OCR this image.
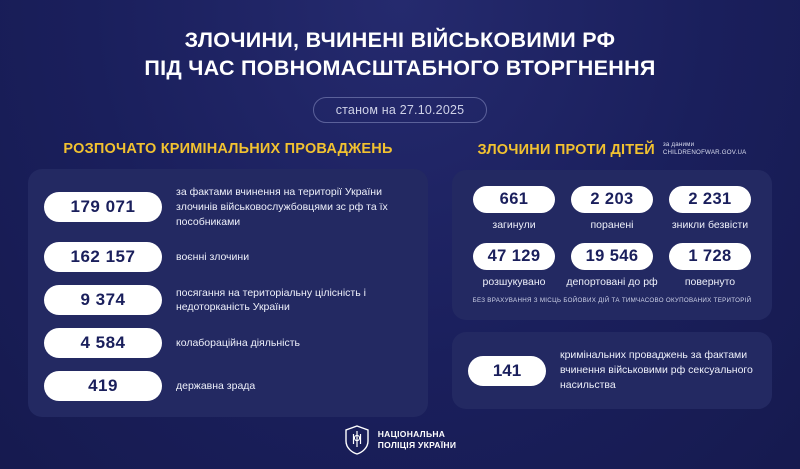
ЗЛОЧИНИ, ВЧИНЕНІ ВІЙСЬКОВИМИ РФ
ПІД ЧАС ПОВНОМАСШТАБНОГО ВТОРГНЕННЯ
станом на 27.10.2025
РОЗПОЧАТО КРИМІНАЛЬНИХ ПРОВАДЖЕНЬ
179 071
за фактами вчинення на території України злочинів військовослужбовцями зс рф та їх пособниками
162 157	воєнні злочини
9 374	посягання на територіальну цілісність і недоторканість України
4 584	колабораційна діяльність
419	державна зрада
ЗЛОЧИНИ ПРОТИ ДІТЕЙ за даними
CHILDRENOFWAR.GOV.UA
661
загинули
2 203
поранені
2 231
зникли безвісти
47 129
розшукувано
19 546
депортовані до рф
1 728
повернуто
БЕЗ ВРАХУВАННЯ З МІСЦЬ БОЙОВИХ ДІЙ ТА ТИМЧАСОВО ОКУПОВАНИХ ТЕРИТОРІЙ
141
кримінальних проваджень за фактами вчинення військовими рф сексуального насильства
НАЦІОНАЛЬНА
ПОЛІЦІЯ УКРАЇНИ
